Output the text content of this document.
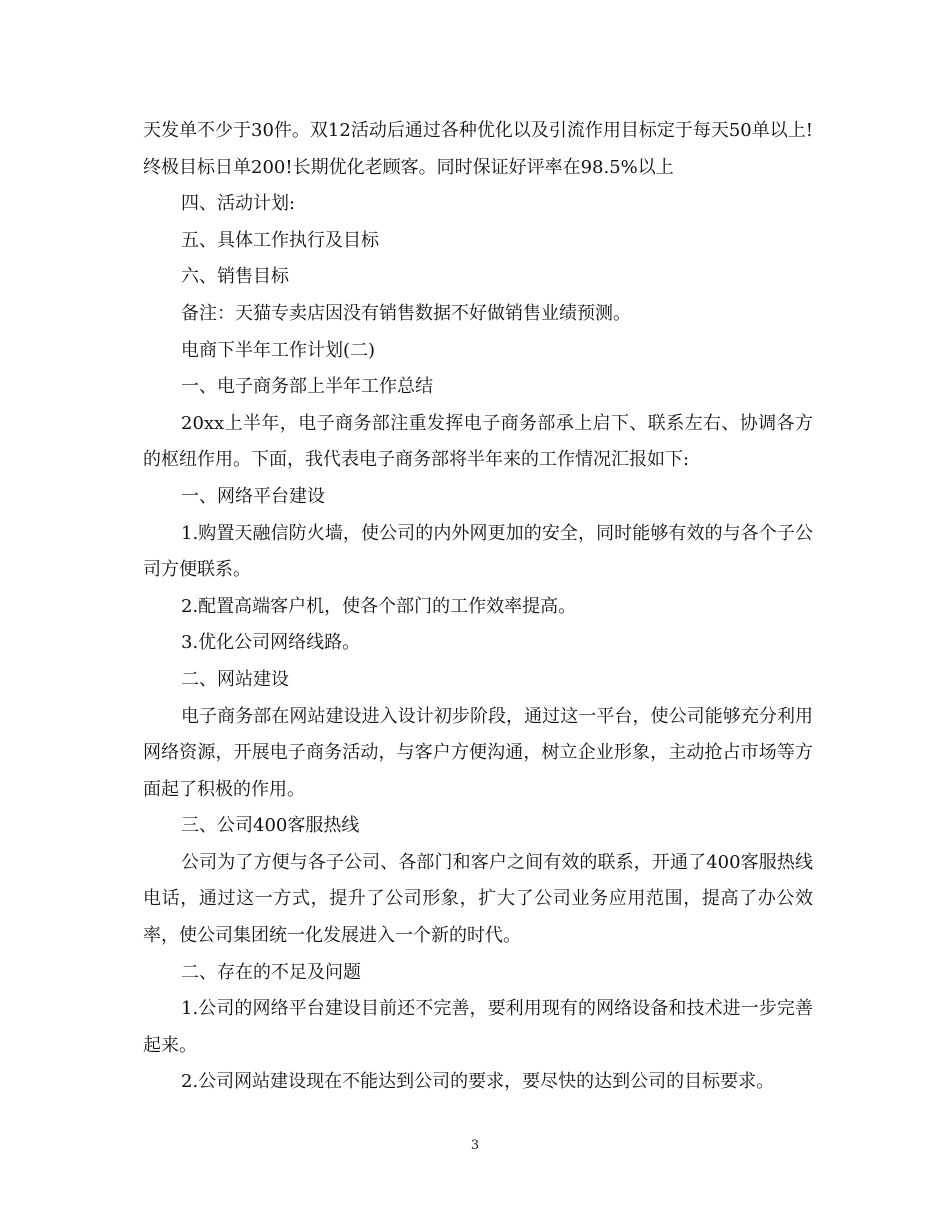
天发单不少于30件。双12活动后通过各种优化以及引流作用目标定于每天50单以上!终极目标日单200!长期优化老顾客。同时保证好评率在98.5%以上

四、活动计划:

五、具体工作执行及目标

六、销售目标

备注：天猫专卖店因没有销售数据不好做销售业绩预测。

电商下半年工作计划(二)

一、电子商务部上半年工作总结

20xx上半年，电子商务部注重发挥电子商务部承上启下、联系左右、协调各方的枢纽作用。下面，我代表电子商务部将半年来的工作情况汇报如下:

一、网络平台建设

1.购置天融信防火墙，使公司的内外网更加的安全，同时能够有效的与各个子公司方便联系。

2.配置高端客户机，使各个部门的工作效率提高。

3.优化公司网络线路。

二、网站建设

电子商务部在网站建设进入设计初步阶段，通过这一平台，使公司能够充分利用网络资源，开展电子商务活动，与客户方便沟通，树立企业形象，主动抢占市场等方面起了积极的作用。

三、公司400客服热线

公司为了方便与各子公司、各部门和客户之间有效的联系，开通了400客服热线电话，通过这一方式，提升了公司形象，扩大了公司业务应用范围，提高了办公效率，使公司集团统一化发展进入一个新的时代。

二、存在的不足及问题

1.公司的网络平台建设目前还不完善，要利用现有的网络设备和技术进一步完善起来。

2.公司网站建设现在不能达到公司的要求，要尽快的达到公司的目标要求。

3
